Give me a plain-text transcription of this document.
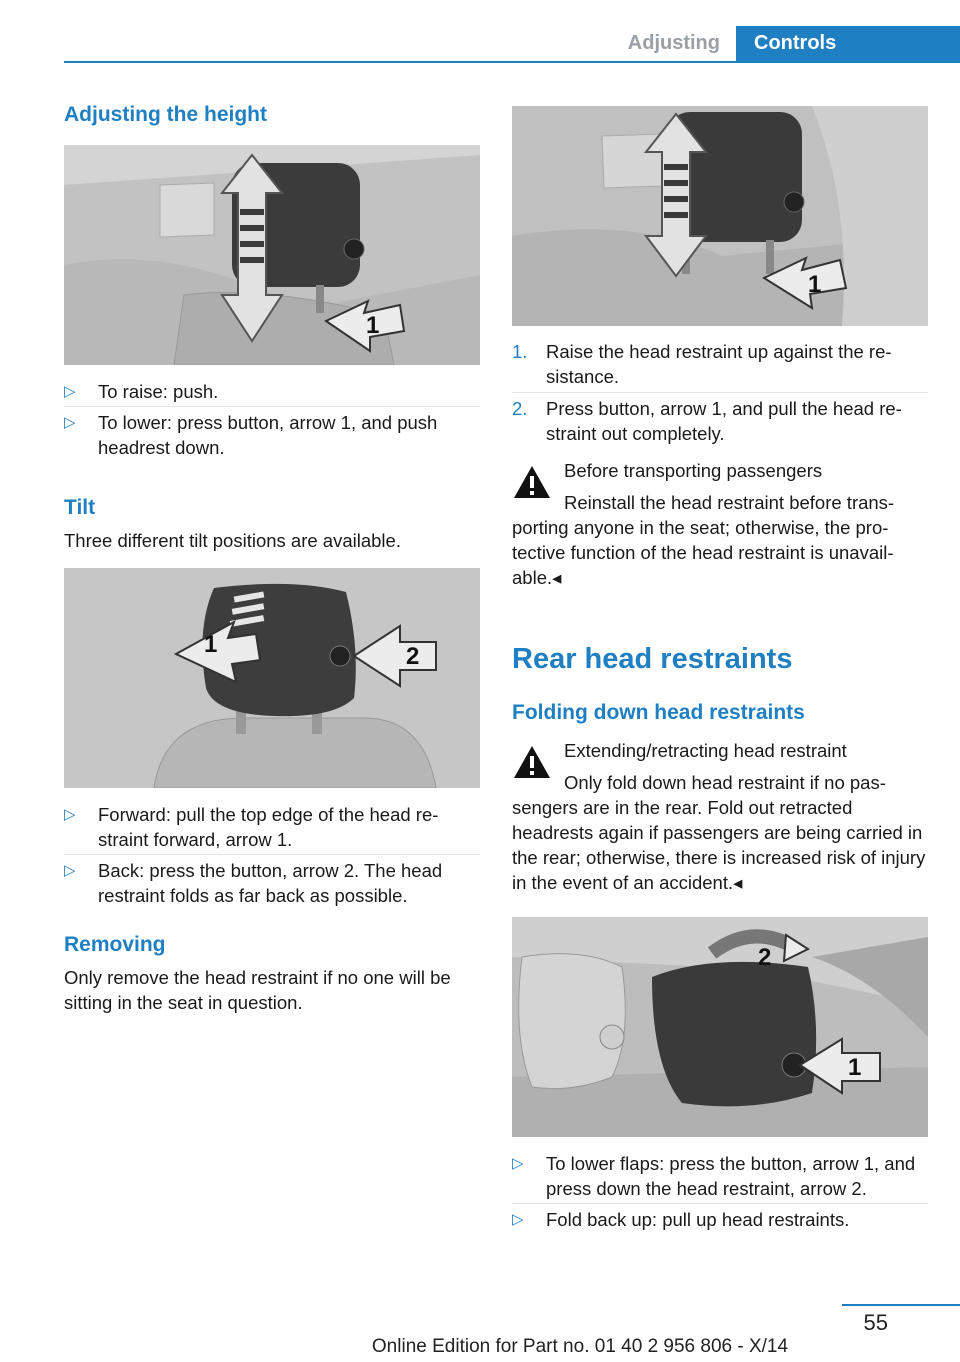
Adjusting	Controls
Adjusting the height
1
▷ To raise: push.
▷ To lower: press button, arrow 1, and push headrest down.
Tilt
Three different tilt positions are available.
1	2
▷ Forward: pull the top edge of the head restraint forward, arrow 1.
▷ Back: press the button, arrow 2. The head restraint folds as far back as possible.
Removing
Only remove the head restraint if no one will be sitting in the seat in question.
1
1. Raise the head restraint up against the resistance.
2. Press button, arrow 1, and pull the head restraint out completely.
Before transporting passengers
Reinstall the head restraint before trans-
porting anyone in the seat; otherwise, the protective function of the head restraint is unavailable.◂
Rear head restraints
Folding down head restraints
Extending/retracting head restraint
Only fold down head restraint if no pas-
sengers are in the rear. Fold out retracted headrests again if passengers are being carried in the rear; otherwise, there is increased risk of injury in the event of an accident.◂
2
1
▷ To lower flaps: press the button, arrow 1, and press down the head restraint, arrow 2.
▷ Fold back up: pull up head restraints.
55
Online Edition for Part no. 01 40 2 956 806 - X/14
